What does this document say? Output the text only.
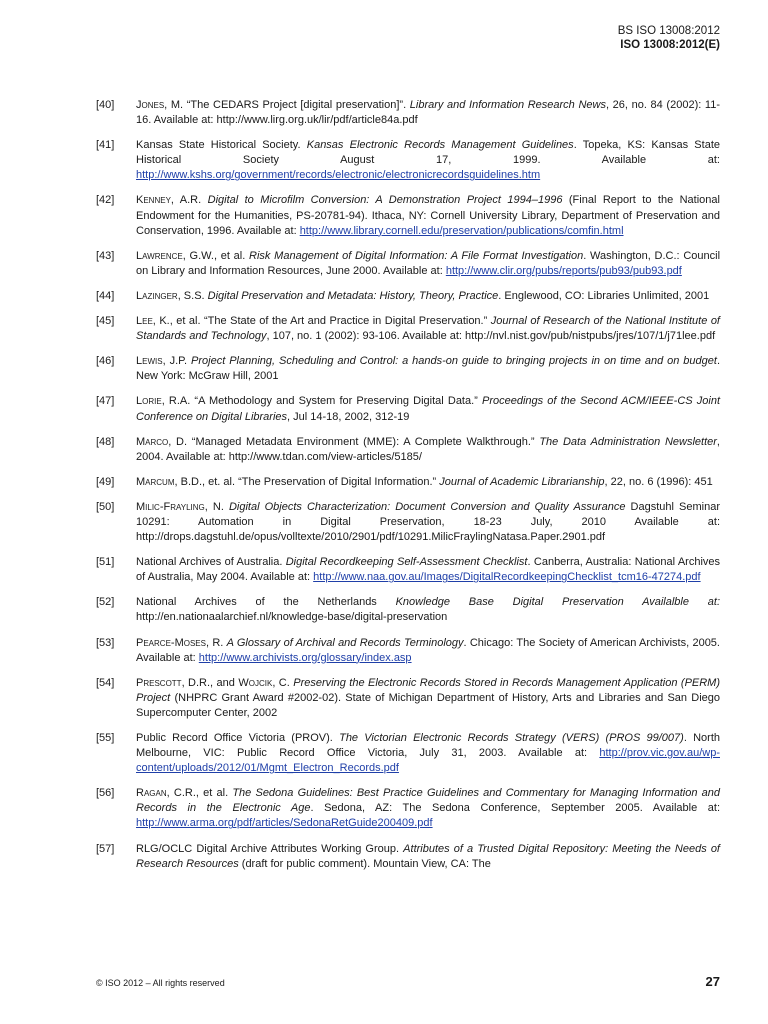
BS ISO 13008:2012
ISO 13008:2012(E)
[40]	Jones, M. “The CEDARS Project [digital preservation]”. Library and Information Research News, 26, no. 84 (2002): 11-16. Available at: http://www.lirg.org.uk/lir/pdf/article84a.pdf
[41]	Kansas State Historical Society. Kansas Electronic Records Management Guidelines. Topeka, KS: Kansas State Historical Society August 17, 1999. Available at: http://www.kshs.org/government/records/electronic/electronicrecordsguidelines.htm
[42]	Kenney, A.R. Digital to Microfilm Conversion: A Demonstration Project 1994–1996 (Final Report to the National Endowment for the Humanities, PS-20781-94). Ithaca, NY: Cornell University Library, Department of Preservation and Conservation, 1996. Available at: http://www.library.cornell.edu/preservation/publications/comfin.html
[43]	Lawrence, G.W., et al. Risk Management of Digital Information: A File Format Investigation. Washington, D.C.: Council on Library and Information Resources, June 2000. Available at: http://www.clir.org/pubs/reports/pub93/pub93.pdf
[44]	Lazinger, S.S. Digital Preservation and Metadata: History, Theory, Practice. Englewood, CO: Libraries Unlimited, 2001
[45]	Lee, K., et al. “The State of the Art and Practice in Digital Preservation.” Journal of Research of the National Institute of Standards and Technology, 107, no. 1 (2002): 93-106. Available at: http://nvl.nist.gov/pub/nistpubs/jres/107/1/j71lee.pdf
[46]	Lewis, J.P. Project Planning, Scheduling and Control: a hands-on guide to bringing projects in on time and on budget. New York: McGraw Hill, 2001
[47]	Lorie, R.A. “A Methodology and System for Preserving Digital Data.” Proceedings of the Second ACM/IEEE-CS Joint Conference on Digital Libraries, Jul 14-18, 2002, 312-19
[48]	Marco, D. “Managed Metadata Environment (MME): A Complete Walkthrough.” The Data Administration Newsletter, 2004. Available at: http://www.tdan.com/view-articles/5185/
[49]	Marcum, B.D., et. al. “The Preservation of Digital Information.” Journal of Academic Librarianship, 22, no. 6 (1996): 451
[50]	Milic-Frayling, N. Digital Objects Characterization: Document Conversion and Quality Assurance Dagstuhl Seminar 10291: Automation in Digital Preservation, 18-23 July, 2010 Available at: http://drops.dagstuhl.de/opus/volltexte/2010/2901/pdf/10291.MilicFraylingNatasa.Paper.2901.pdf
[51]	National Archives of Australia. Digital Recordkeeping Self-Assessment Checklist. Canberra, Australia: National Archives of Australia, May 2004. Available at: http://www.naa.gov.au/Images/DigitalRecordkeepingChecklist_tcm16-47274.pdf
[52]	National Archives of the Netherlands Knowledge Base Digital Preservation Availalble at: http://en.nationaalarchief.nl/knowledge-base/digital-preservation
[53]	Pearce-Moses, R. A Glossary of Archival and Records Terminology. Chicago: The Society of American Archivists, 2005. Available at: http://www.archivists.org/glossary/index.asp
[54]	Prescott, D.R., and Wojcik, C. Preserving the Electronic Records Stored in Records Management Application (PERM) Project (NHPRC Grant Award #2002-02). State of Michigan Department of History, Arts and Libraries and San Diego Supercomputer Center, 2002
[55]	Public Record Office Victoria (PROV). The Victorian Electronic Records Strategy (VERS) (PROS 99/007). North Melbourne, VIC: Public Record Office Victoria, July 31, 2003. Available at: http://prov.vic.gov.au/wp-content/uploads/2012/01/Mgmt_Electron_Records.pdf
[56]	Ragan, C.R., et al. The Sedona Guidelines: Best Practice Guidelines and Commentary for Managing Information and Records in the Electronic Age. Sedona, AZ: The Sedona Conference, September 2005. Available at: http://www.arma.org/pdf/articles/SedonaRetGuide200409.pdf
[57]	RLG/OCLC Digital Archive Attributes Working Group. Attributes of a Trusted Digital Repository: Meeting the Needs of Research Resources (draft for public comment). Mountain View, CA: The
© ISO 2012 – All rights reserved	27
